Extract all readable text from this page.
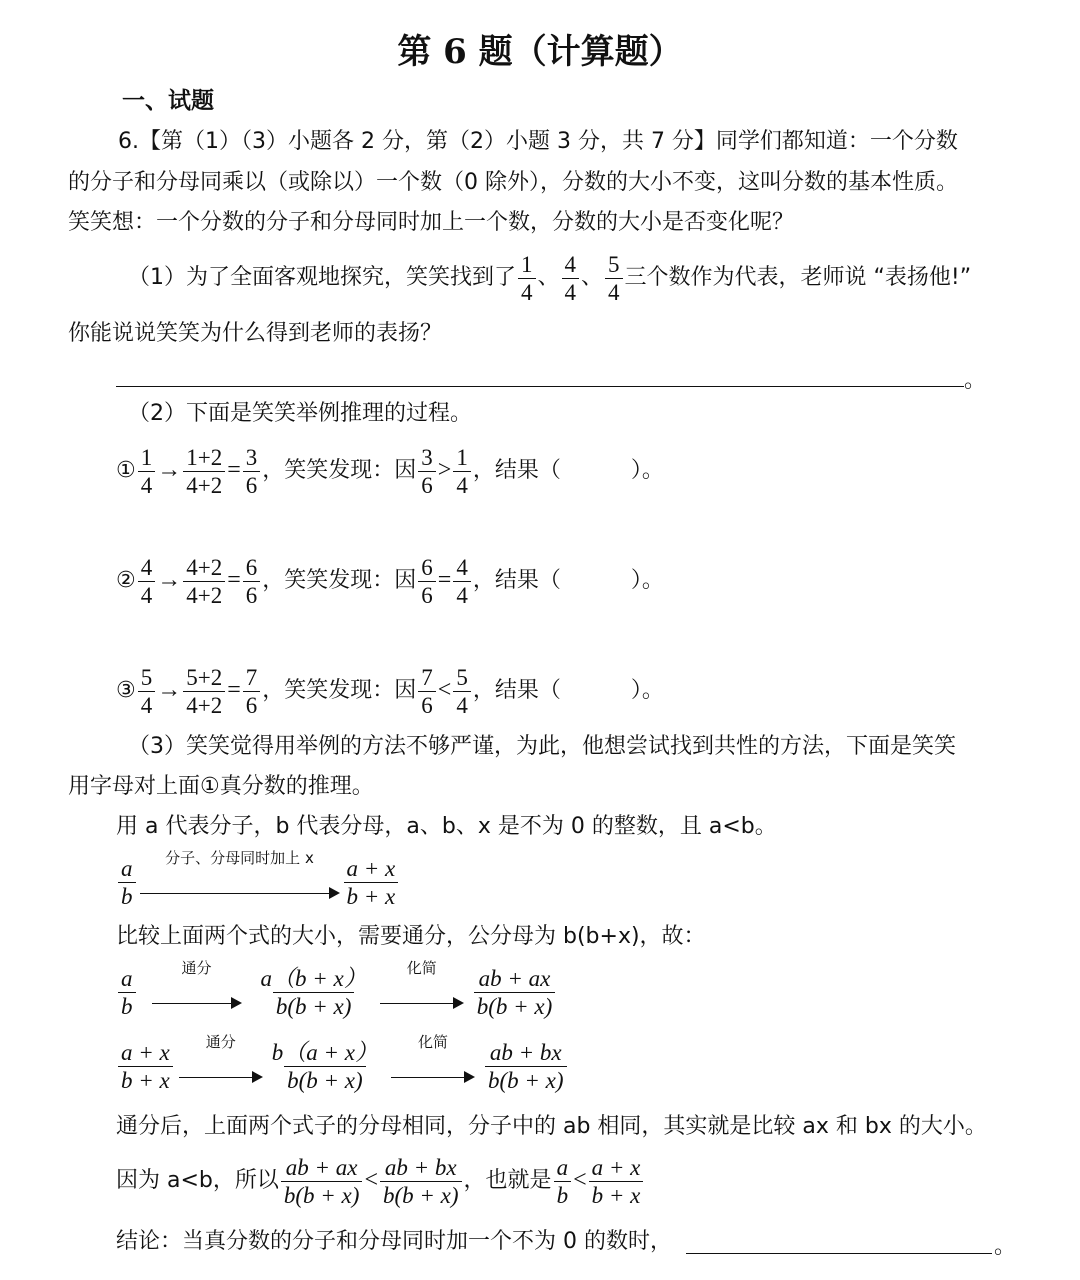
第 6 题（计算题）
一、试题
6.【第（1）（3）小题各 2 分，第（2）小题 3 分，共 7 分】同学们都知道：一个分数
的分子和分母同乘以（或除以）一个数（0 除外），分数的大小不变，这叫分数的基本性质。
笑笑想：一个分数的分子和分母同时加上一个数，分数的大小是否变化呢？
（1）为了全面客观地探究，笑笑找到了 $\frac{1}{4}$ 、 $\frac{4}{4}$ 、 $\frac{5}{4}$ 三个数作为代表，老师说 “表扬他!”
你能说说笑笑为什么得到老师的表扬？
。
（2）下面是笑笑举例推理的过程。
① $\frac{1}{4} \to \frac{1+2}{4+2} = \frac{3}{6}$ ，笑笑发现：因 $\frac{3}{6} > \frac{1}{4}$ ，结果（	）。
② $\frac{4}{4} \to \frac{4+2}{4+2} = \frac{6}{6}$ ，笑笑发现：因 $\frac{6}{6} = \frac{4}{4}$ ，结果（	）。
③ $\frac{5}{4} \to \frac{5+2}{4+2} = \frac{7}{6}$ ，笑笑发现：因 $\frac{7}{6} < \frac{5}{4}$ ，结果（	）。
（3）笑笑觉得用举例的方法不够严谨，为此，他想尝试找到共性的方法，下面是笑笑
用字母对上面①真分数的推理。
用 a 代表分子，b 代表分母，a、b、x 是不为 0 的整数，且 a<b。
$\frac{a}{b}$	分子、分母同时加上 x	$\frac{a + x}{b + x}$
比较上面两个式的大小，需要通分，公分母为 b(b+x)，故：
$\frac{a}{b}$	通分	$\frac{a(b + x)}{b(b + x)}$	化简	$\frac{ab + ax}{b(b + x)}$
$\frac{a + x}{b + x}$	通分	$\frac{b(a + x)}{b(b + x)}$	化简	$\frac{ab + bx}{b(b + x)}$
通分后，上面两个式子的分母相同，分子中的 ab 相同，其实就是比较 ax 和 bx 的大小。
因为 a<b，所以 $\frac{ab + ax}{b(b + x)} < \frac{ab + bx}{b(b + x)}$ ，也就是 $\frac{a}{b} < \frac{a + x}{b + x}$
结论：当真分数的分子和分母同时加一个不为 0 的数时，	。
